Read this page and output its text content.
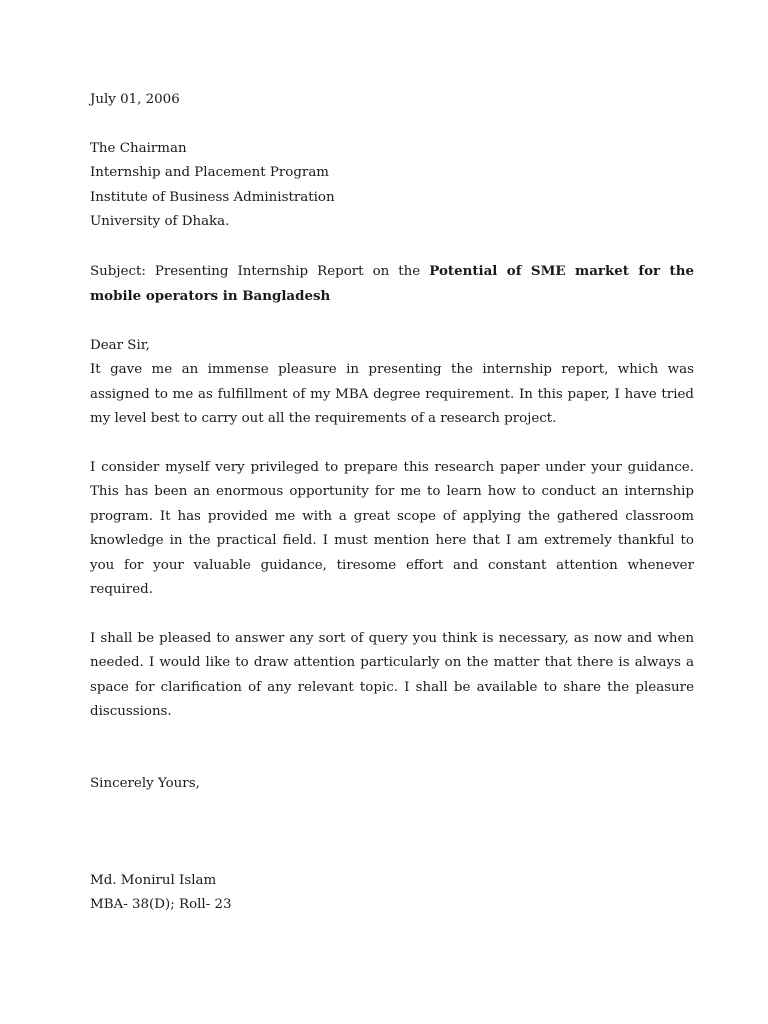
July 01, 2006
The Chairman
Internship and Placement Program
Institute of Business Administration
University of Dhaka.

Subject: Presenting Internship Report on the Potential of SME market for the mobile operators in Bangladesh

Dear Sir,

It gave me an immense pleasure in presenting the internship report, which was assigned to me as fulfillment of my MBA degree requirement. In this paper, I have tried my level best to carry out all the requirements of a research project.

I consider myself very privileged to prepare this research paper under your guidance. This has been an enormous opportunity for me to learn how to conduct an internship program. It has provided me with a great scope of applying the gathered classroom knowledge in the practical field. I must mention here that I am extremely thankful to you for your valuable guidance, tiresome effort and constant attention whenever required.

I shall be pleased to answer any sort of query you think is necessary, as now and when needed. I would like to draw attention particularly on the matter that there is always a space for clarification of any relevant topic. I shall be available to share the pleasure discussions.

Sincerely Yours,
Md. Monirul Islam
MBA- 38(D); Roll- 23
